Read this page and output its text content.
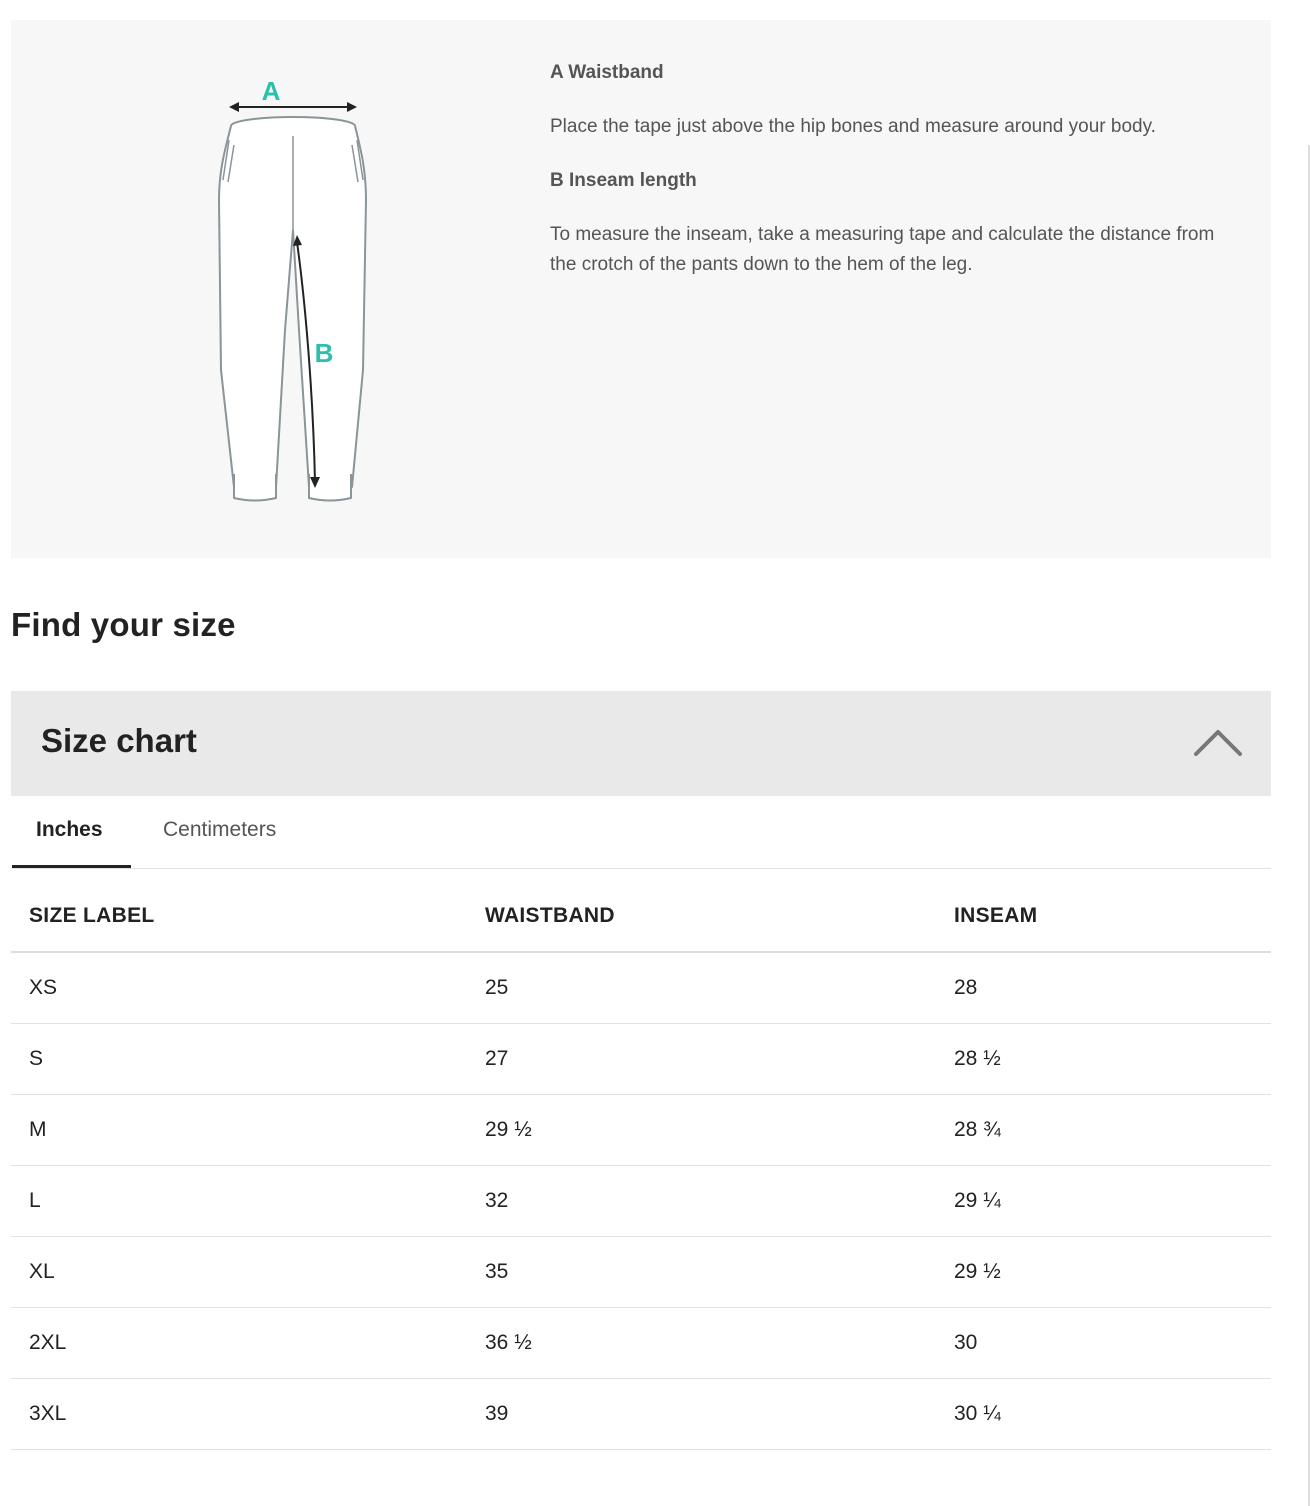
A
B

A Waistband

Place the tape just above the hip bones and measure around your body.

B Inseam length

To measure the inseam, take a measuring tape and calculate the distance from the crotch of the pants down to the hem of the leg.

Find your size
Size chart
Inches	Centimeters
SIZE LABEL	WAISTBAND	INSEAM
XS	25	28
S	27	28 ½
M	29 ½	28 ¾
L	32	29 ¼
XL	35	29 ½
2XL	36 ½	30
3XL	39	30 ¼
